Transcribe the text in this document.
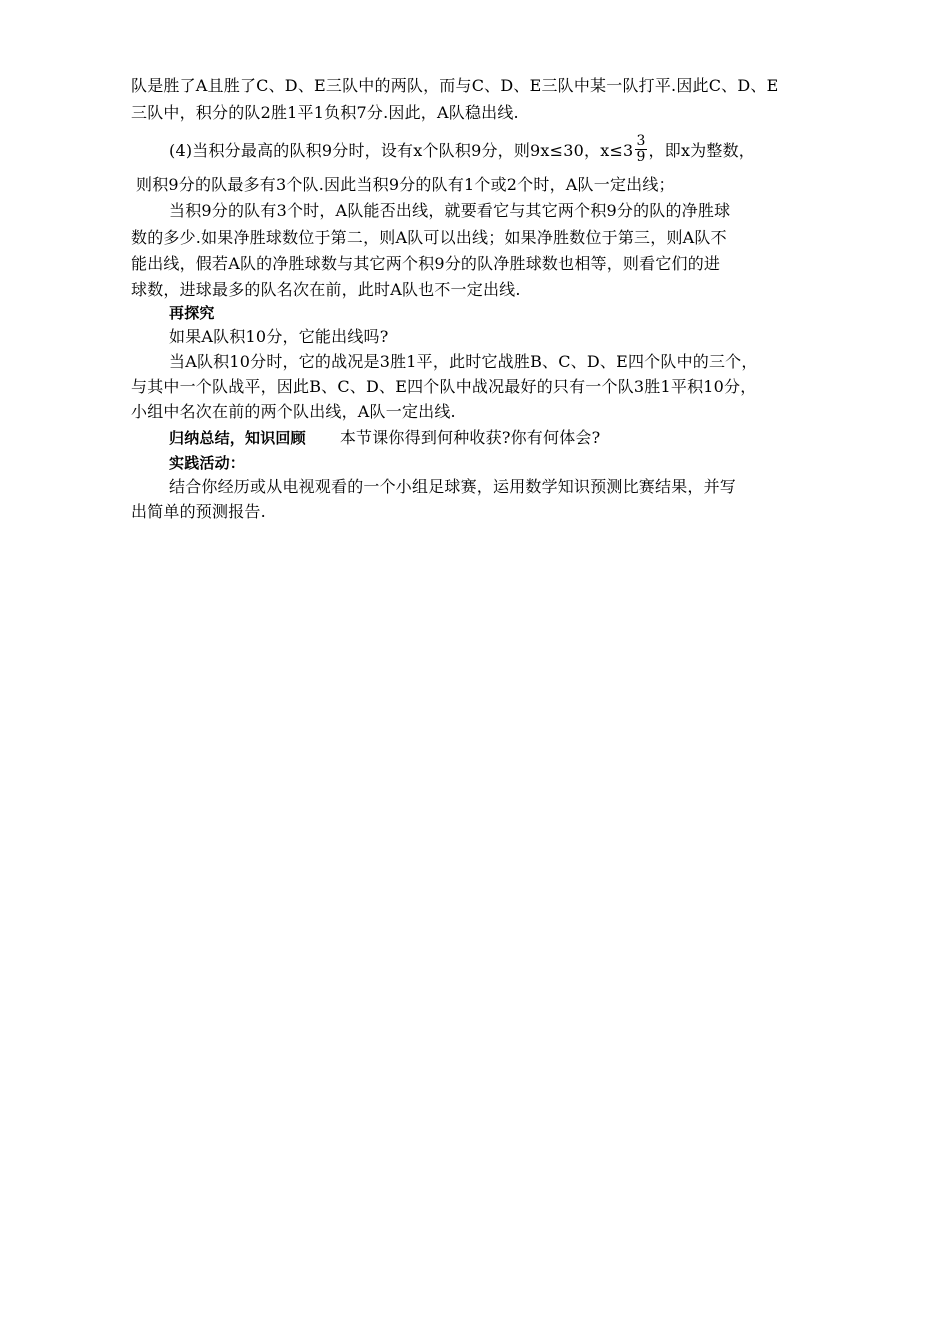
队是胜了A且胜了C、D、E三队中的两队，而与C、D、E三队中某一队打平.因此C、D、E
三队中，积分的队2胜1平1负积7分.因此，A队稳出线.
(4)当积分最高的队积9分时，设有x个队积9分，则9x≤30，$x\le 3 \frac{3}{9}$ ，即x为整数，
则积9分的队最多有3个队.因此当积9分的队有1个或2个时，A队一定出线；
当积9分的队有3个时，A队能否出线，就要看它与其它两个积9分的队的净胜球
数的多少.如果净胜球数位于第二，则A队可以出线；如果净胜数位于第三，则A队不
能出线，假若A队的净胜球数与其它两个积9分的队净胜球数也相等，则看它们的进
球数，进球最多的队名次在前，此时A队也不一定出线.
再探究
如果A队积10分，它能出线吗?
当A队积10分时，它的战况是3胜1平，此时它战胜B、C、D、E四个队中的三个，
与其中一个队战平，因此B、C、D、E四个队中战况最好的只有一个队3胜1平积10分，
小组中名次在前的两个队出线，A队一定出线.
归纳总结，知识回顾 本节课你得到何种收获?你有何体会?
实践活动：
结合你经历或从电视观看的一个小组足球赛，运用数学知识预测比赛结果，并写
出简单的预测报告.
